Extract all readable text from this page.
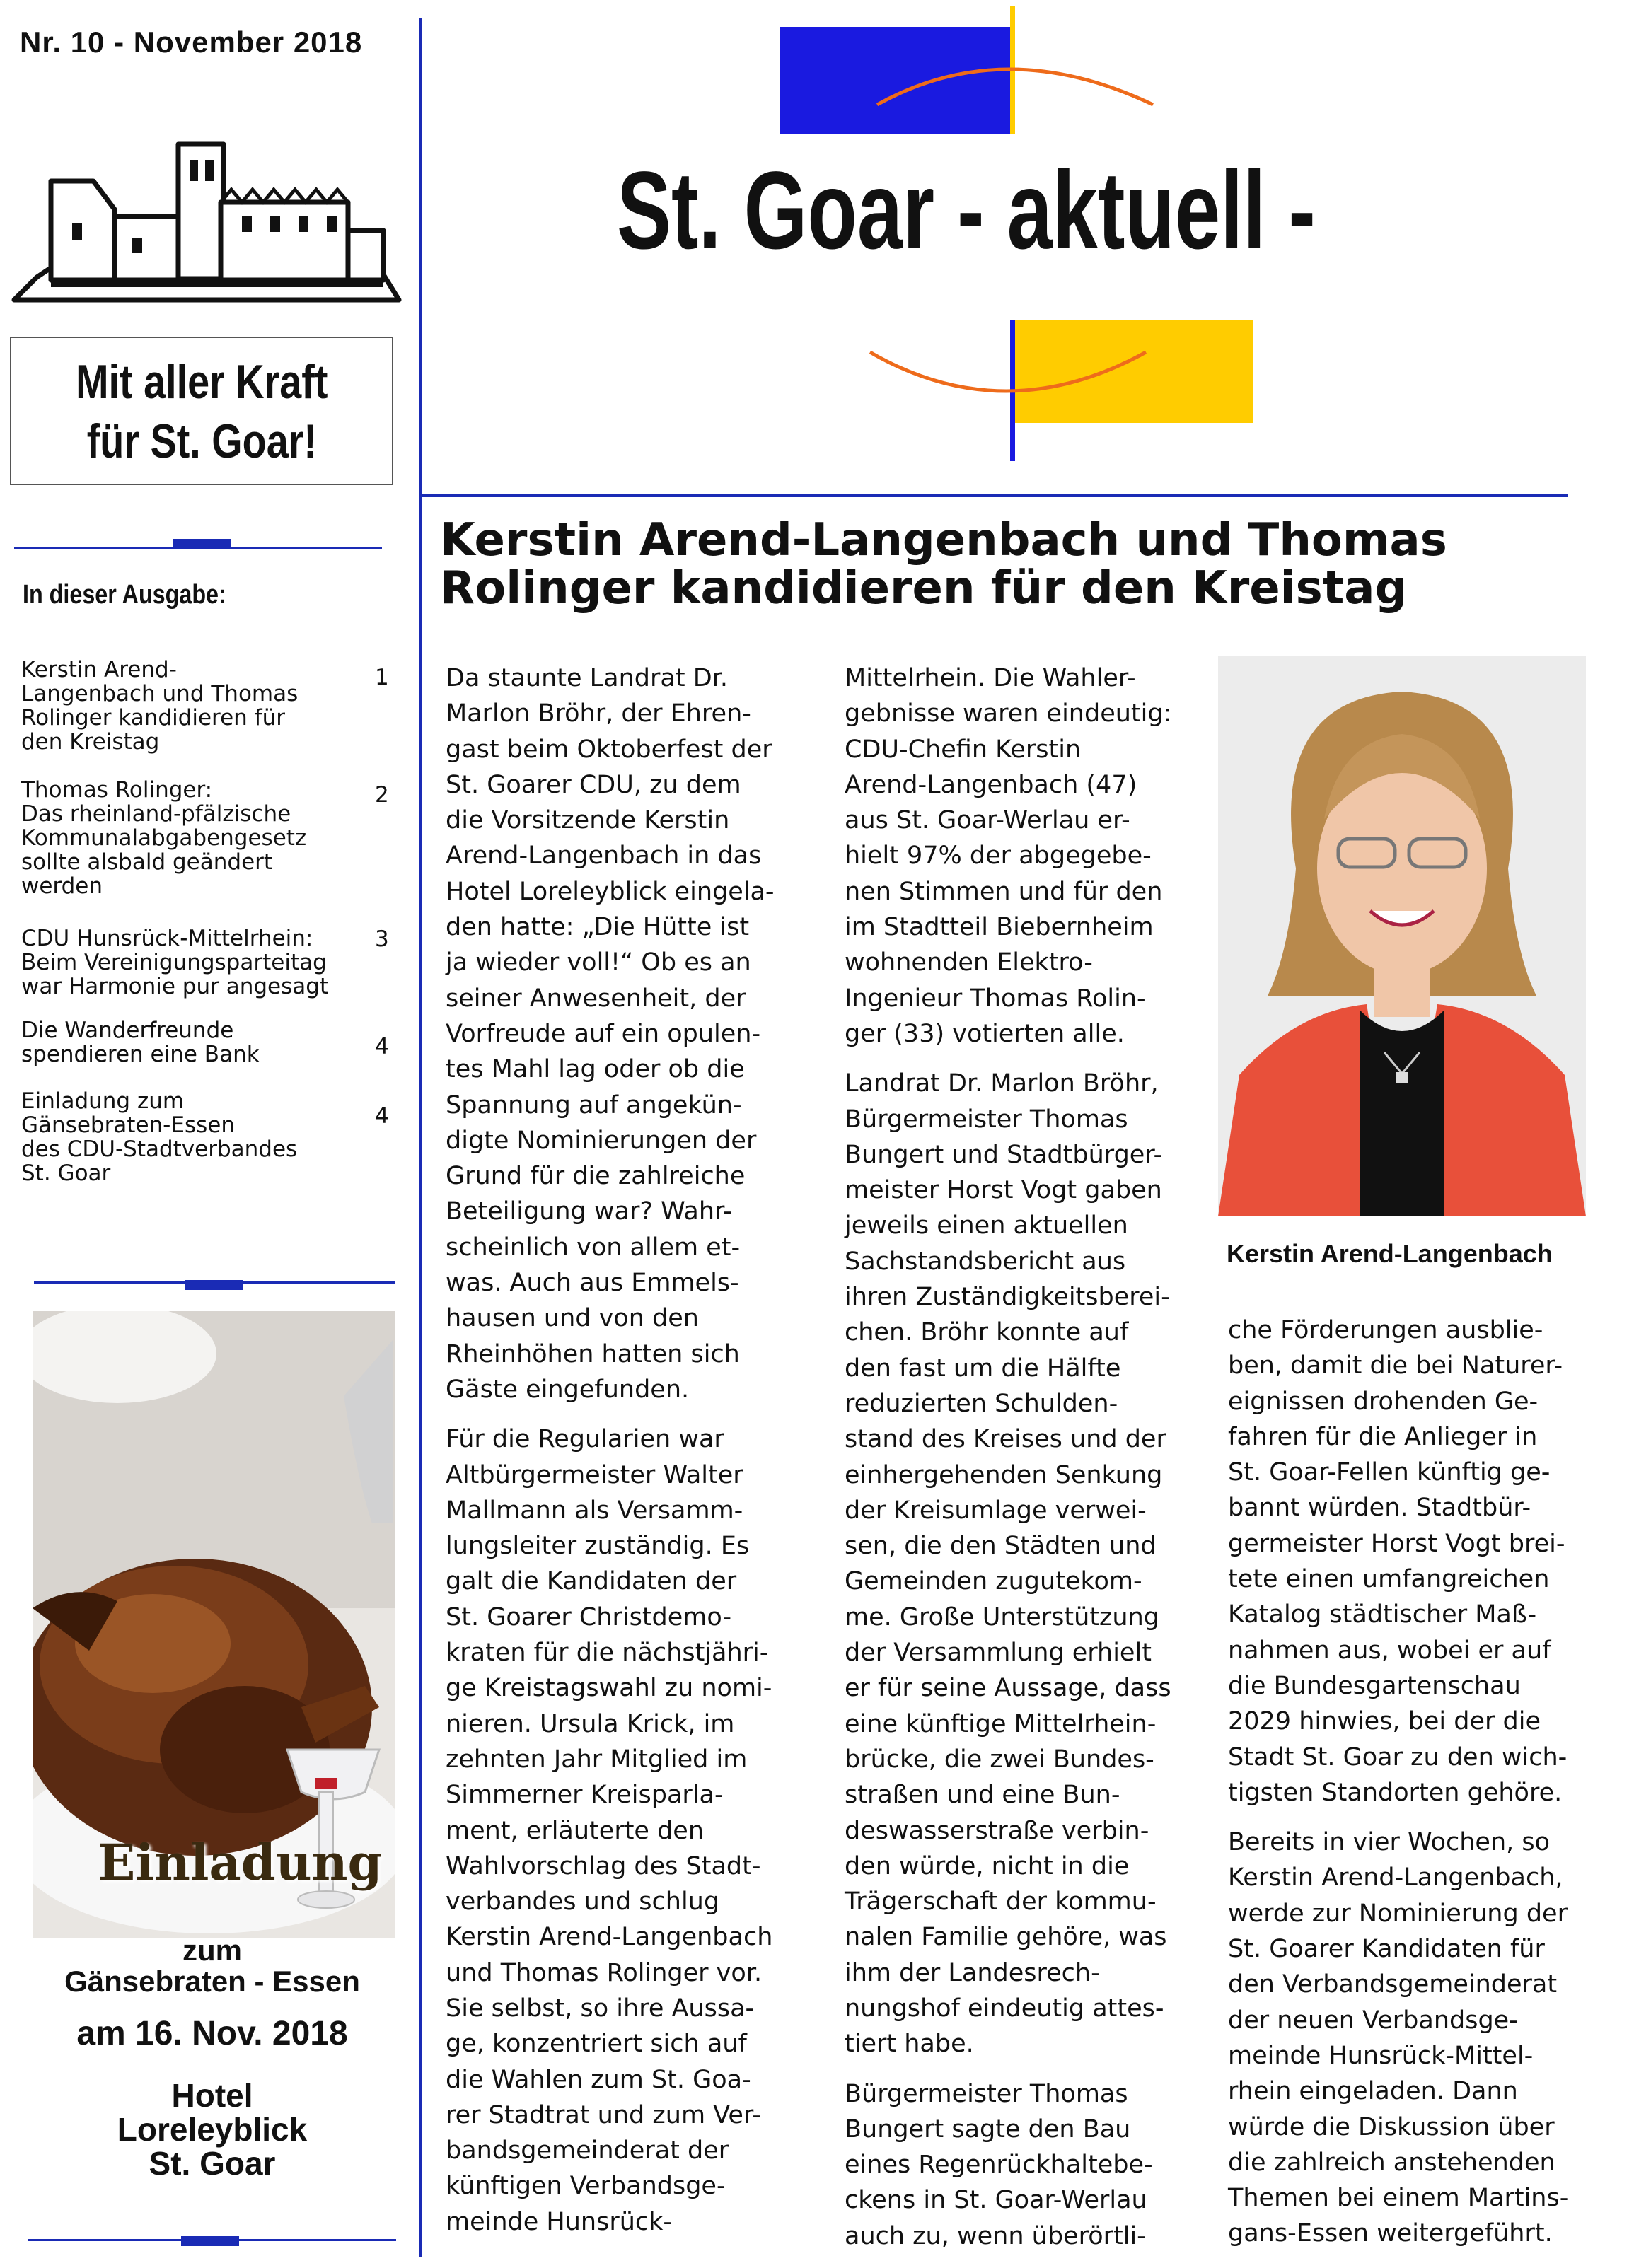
Nr. 10 - November 2018
St. Goar - aktuell -
Mit aller Kraft
für St. Goar!
In dieser Ausgabe:
Kerstin Arend-
Langenbach und Thomas
Rolinger kandidieren für
den Kreistag
1
Thomas Rolinger:
Das rheinland-pfälzische
Kommunalabgabengesetz
sollte alsbald geändert
werden
2
CDU Hunsrück-Mittelrhein:
Beim Vereinigungsparteitag
war Harmonie pur angesagt
3
Die Wanderfreunde
spendieren eine Bank	4
Einladung zum
Gänsebraten-Essen
des CDU-Stadtverbandes
St. Goar
4
Einladung
zum
Gänsebraten - Essen
am 16. Nov. 2018
Hotel
Loreleyblick
St. Goar
Kerstin Arend-Langenbach und Thomas
Rolinger kandidieren für den Kreistag
Kerstin Arend-Langenbach

Da staunte Landrat Dr.
Marlon Bröhr, der Ehren-
gast beim Oktoberfest der
St. Goarer CDU, zu dem
die Vorsitzende Kerstin
Arend-Langenbach in das
Hotel Loreleyblick eingela-
den hatte: „Die Hütte ist
ja wieder voll!“ Ob es an
seiner Anwesenheit, der
Vorfreude auf ein opulen-
tes Mahl lag oder ob die
Spannung auf angekün-
digte Nominierungen der
Grund für die zahlreiche
Beteiligung war? Wahr-
scheinlich von allem et-
was. Auch aus Emmels-
hausen und von den
Rheinhöhen hatten sich
Gäste eingefunden.

Für die Regularien war
Altbürgermeister Walter
Mallmann als Versamm-
lungsleiter zuständig. Es
galt die Kandidaten der
St. Goarer Christdemo-
kraten für die nächstjähri-
ge Kreistagswahl zu nomi-
nieren. Ursula Krick, im
zehnten Jahr Mitglied im
Simmerner Kreisparla-
ment, erläuterte den
Wahlvorschlag des Stadt-
verbandes und schlug
Kerstin Arend-Langenbach
und Thomas Rolinger vor.
Sie selbst, so ihre Aussa-
ge, konzentriert sich auf
die Wahlen zum St. Goa-
rer Stadtrat und zum Ver-
bandsgemeinderat der
künftigen Verbandsge-
meinde Hunsrück-

Mittelrhein. Die Wahler-
gebnisse waren eindeutig:
CDU-Chefin Kerstin
Arend-Langenbach (47)
aus St. Goar-Werlau er-
hielt 97% der abgegebe-
nen Stimmen und für den
im Stadtteil Biebernheim
wohnenden Elektro-
Ingenieur Thomas Rolin-
ger (33) votierten alle.

Landrat Dr. Marlon Bröhr,
Bürgermeister Thomas
Bungert und Stadtbürger-
meister Horst Vogt gaben
jeweils einen aktuellen
Sachstandsbericht aus
ihren Zuständigkeitsberei-
chen. Bröhr konnte auf
den fast um die Hälfte
reduzierten Schulden-
stand des Kreises und der
einhergehenden Senkung
der Kreisumlage verwei-
sen, die den Städten und
Gemeinden zugutekom-
me. Große Unterstützung
der Versammlung erhielt
er für seine Aussage, dass
eine künftige Mittelrhein-
brücke, die zwei Bundes-
straßen und eine Bun-
deswasserstraße verbin-
den würde, nicht in die
Trägerschaft der kommu-
nalen Familie gehöre, was
ihm der Landesrech-
nungshof eindeutig attes-
tiert habe.

Bürgermeister Thomas
Bungert sagte den Bau
eines Regenrückhaltebe-
ckens in St. Goar-Werlau
auch zu, wenn überörtli-

che Förderungen ausblie-
ben, damit die bei Naturer-
eignissen drohenden Ge-
fahren für die Anlieger in
St. Goar-Fellen künftig ge-
bannt würden. Stadtbür-
germeister Horst Vogt brei-
tete einen umfangreichen
Katalog städtischer Maß-
nahmen aus, wobei er auf
die Bundesgartenschau
2029 hinwies, bei der die
Stadt St. Goar zu den wich-
tigsten Standorten gehöre.

Bereits in vier Wochen, so
Kerstin Arend-Langenbach,
werde zur Nominierung der
St. Goarer Kandidaten für
den Verbandsgemeinderat
der neuen Verbandsge-
meinde Hunsrück-Mittel-
rhein eingeladen. Dann
würde die Diskussion über
die zahlreich anstehenden
Themen bei einem Martins-
gans-Essen weitergeführt.
